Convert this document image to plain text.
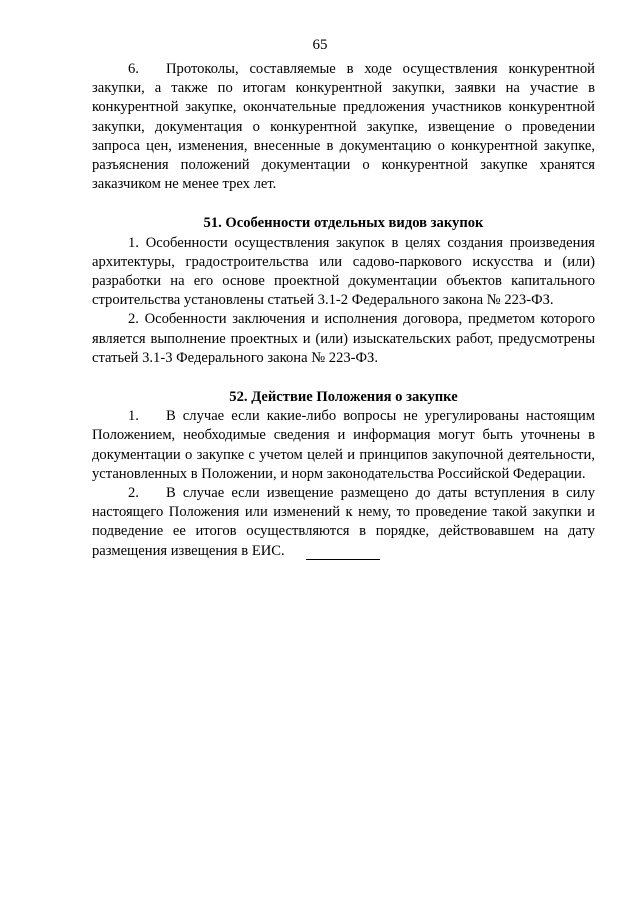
65

6. Протоколы, составляемые в ходе осуществления конкурентной закупки, а также по итогам конкурентной закупки, заявки на участие в конкурентной закупке, окончательные предложения участников конкурентной закупки, документация о конкурентной закупке, извещение о проведении запроса цен, изменения, внесенные в документацию о конкурентной закупке, разъяснения положений документации о конкурентной закупке хранятся заказчиком не менее трех лет.

51. Особенности отдельных видов закупок

1. Особенности осуществления закупок в целях создания произведения архитектуры, градостроительства или садово-паркового искусства и (или) разработки на его основе проектной документации объектов капитального строительства установлены статьей 3.1-2 Федерального закона № 223-ФЗ.

2. Особенности заключения и исполнения договора, предметом которого является выполнение проектных и (или) изыскательских работ, предусмотрены статьей 3.1-3 Федерального закона № 223-ФЗ.

52. Действие Положения о закупке

1. В случае если какие-либо вопросы не урегулированы настоящим Положением, необходимые сведения и информация могут быть уточнены в документации о закупке с учетом целей и принципов закупочной деятельности, установленных в Положении, и норм законодательства Российской Федерации.

2. В случае если извещение размещено до даты вступления в силу настоящего Положения или изменений к нему, то проведение такой закупки и подведение ее итогов осуществляются в порядке, действовавшем на дату размещения извещения в ЕИС.
